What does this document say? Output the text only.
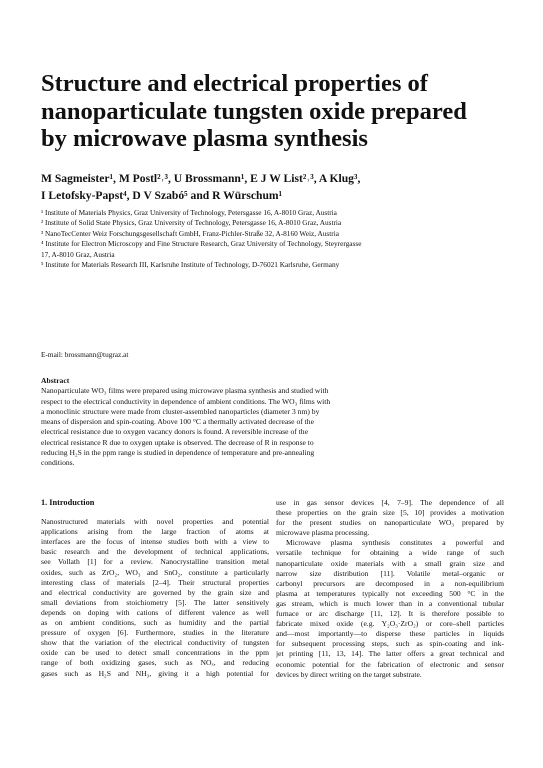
Structure and electrical properties of
nanoparticulate tungsten oxide prepared
by microwave plasma synthesis
M Sagmeister¹, M Postl²˒³, U Brossmann¹, E J W List²˒³, A Klug³,
I Letofsky-Papst⁴, D V Szabó⁵ and R Würschum¹
¹ Institute of Materials Physics, Graz University of Technology, Petersgasse 16, A-8010 Graz, Austria
² Institute of Solid State Physics, Graz University of Technology, Petersgasse 16, A-8010 Graz, Austria
³ NanoTecCenter Weiz Forschungsgesellschaft GmbH, Franz-Pichler-Straße 32, A-8160 Weiz, Austria
⁴ Institute for Electron Microscopy and Fine Structure Research, Graz University of Technology, Steyrergasse 17, A-8010 Graz, Austria
⁵ Institute for Materials Research III, Karlsruhe Institute of Technology, D-76021 Karlsruhe, Germany
E-mail: brossmann@tugraz.at
Abstract
Nanoparticulate WO₃ films were prepared using microwave plasma synthesis and studied with
respect to the electrical conductivity in dependence of ambient conditions. The WO₃ films with
a monoclinic structure were made from cluster-assembled nanoparticles (diameter 3 nm) by
means of dispersion and spin-coating. Above 100 °C a thermally activated decrease of the
electrical resistance due to oxygen vacancy donors is found. A reversible increase of the
electrical resistance R due to oxygen uptake is observed. The decrease of R in response to
reducing H₂S in the ppm range is studied in dependence of temperature and pre-annealing
conditions.
1. Introduction
Nanostructured materials with novel properties and potential
applications arising from the large fraction of atoms at
interfaces are the focus of intense studies both with a view to
basic research and the development of technical applications,
see Vollath [1] for a review. Nanocrystalline transition metal
oxides, such as ZrO₂, WO₃ and SnO₂, constitute a particularly
interesting class of materials [2–4]. Their structural properties
and electrical conductivity are governed by the grain size and
small deviations from stoichiometry [5]. The latter sensitively
depends on doping with cations of different valence as well
as on ambient conditions, such as humidity and the partial
pressure of oxygen [6]. Furthermore, studies in the literature
show that the variation of the electrical conductivity of tungsten
oxide can be used to detect small concentrations in the ppm
range of both oxidizing gases, such as NOₓ, and reducing
gases such as H₂S and NH₃, giving it a high potential for
use in gas sensor devices [4, 7–9]. The dependence of all
these properties on the grain size [5, 10] provides a motivation
for the present studies on nanoparticulate WO₃ prepared by
microwave plasma processing.
Microwave plasma synthesis constitutes a powerful and
versatile technique for obtaining a wide range of such
nanoparticulate oxide materials with a small grain size and
narrow size distribution [11]. Volatile metal–organic or
carbonyl precursors are decomposed in a non-equilibrium
plasma at temperatures typically not exceeding 500 °C in the
gas stream, which is much lower than in a conventional tubular
furnace or arc discharge [11, 12]. It is therefore possible to
fabricate mixed oxide (e.g. Y₂O₃·ZrO₂) or core–shell particles
and—most importantly—to disperse these particles in liquids
for subsequent processing steps, such as spin-coating and ink-
jet printing [11, 13, 14]. The latter offers a great technical and
economic potential for the fabrication of electronic and sensor
devices by direct writing on the target substrate.
